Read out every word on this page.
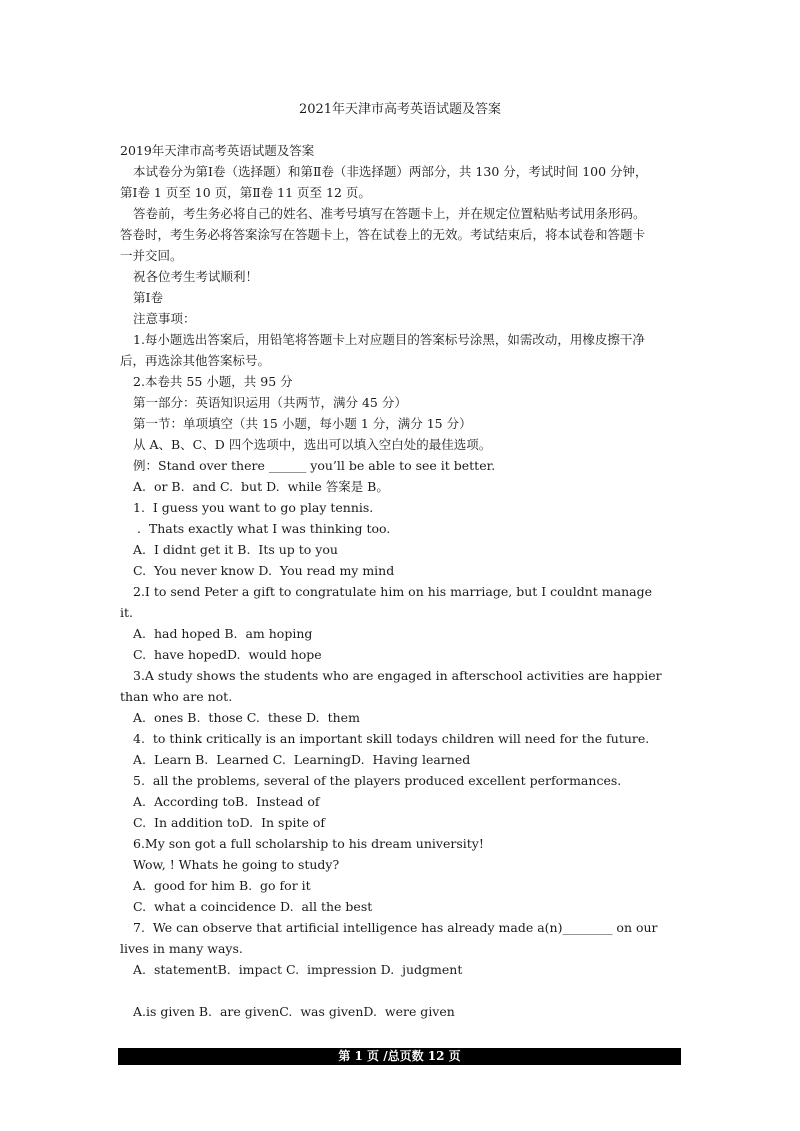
2021年天津市高考英语试题及答案
2019年天津市高考英语试题及答案
本试卷分为第Ⅰ卷（选择题）和第Ⅱ卷（非选择题）两部分，共 130 分，考试时间 100 分钟，
第Ⅰ卷 1 页至 10 页，第Ⅱ卷 11 页至 12 页。
答卷前，考生务必将自己的姓名、准考号填写在答题卡上，并在规定位置粘贴考试用条形码。
答卷时，考生务必将答案涂写在答题卡上，答在试卷上的无效。考试结束后，将本试卷和答题卡
一并交回。
祝各位考生考试顺利！
第Ⅰ卷
注意事项：
1.每小题选出答案后，用铅笔将答题卡上对应题目的答案标号涂黑，如需改动，用橡皮擦干净
后，再选涂其他答案标号。
2.本卷共 55 小题，共 95 分
第一部分：英语知识运用（共两节，满分 45 分）
第一节：单项填空（共 15 小题，每小题 1 分，满分 15 分）
从 A、B、C、D 四个选项中，选出可以填入空白处的最佳选项。
例：Stand over there ______ you’ll be able to see it better.
A.  or B.  and C.  but D.  while 答案是 B。
1.  I guess you want to go play tennis.
.  Thats exactly what I was thinking too.
A.  I didnt get it B.  Its up to you
C.  You never know D.  You read my mind
2.I to send Peter a gift to congratulate him on his marriage, but I couldnt manage
it.
A.  had hoped B.  am hoping
C.  have hopedD.  would hope
3.A study shows the students who are engaged in afterschool activities are happier
than who are not.
A.  ones B.  those C.  these D.  them
4.  to think critically is an important skill todays children will need for the future.
A.  Learn B.  Learned C.  LearningD.  Having learned
5.  all the problems, several of the players produced excellent performances.
A.  According toB.  Instead of
C.  In addition toD.  In spite of
6.My son got a full scholarship to his dream university!
Wow, ! Whats he going to study?
A.  good for him B.  go for it
C.  what a coincidence D.  all the best
7.  We can observe that artificial intelligence has already made a(n)________ on our
lives in many ways.
A.  statementB.  impact C.  impression D.  judgment
A.is given B.  are givenC.  was givenD.  were given
第 1 页 /总页数 12 页
